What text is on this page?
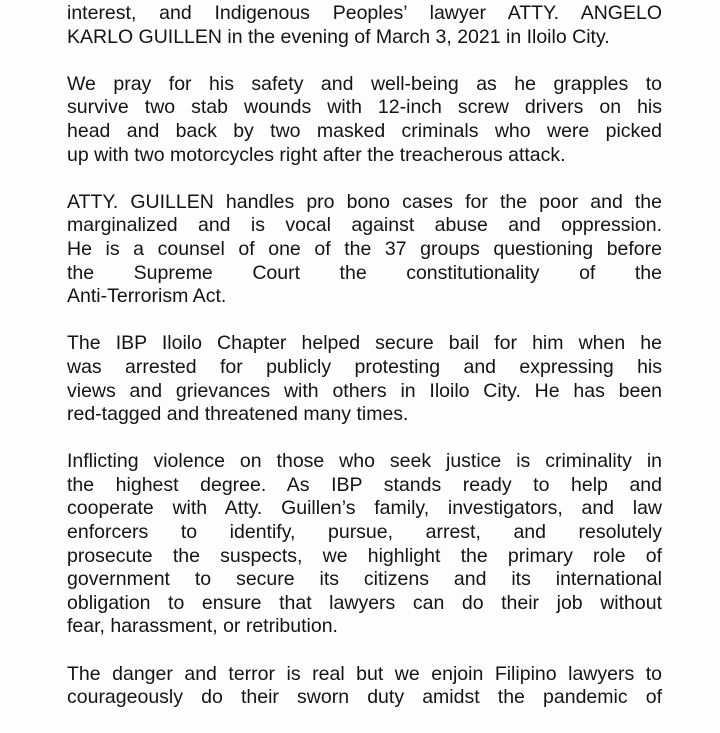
interest, and Indigenous Peoples’ lawyer ATTY. ANGELO
KARLO GUILLEN in the evening of March 3, 2021 in Iloilo City.
We pray for his safety and well-being as he grapples to
survive two stab wounds with 12-inch screw drivers on his
head and back by two masked criminals who were picked
up with two motorcycles right after the treacherous attack.
ATTY. GUILLEN handles pro bono cases for the poor and the
marginalized and is vocal against abuse and oppression.
He is a counsel of one of the 37 groups questioning before
the Supreme Court the constitutionality of the
Anti-Terrorism Act.
The IBP Iloilo Chapter helped secure bail for him when he
was arrested for publicly protesting and expressing his
views and grievances with others in Iloilo City. He has been
red-tagged and threatened many times.
Inflicting violence on those who seek justice is criminality in
the highest degree. As IBP stands ready to help and
cooperate with Atty. Guillen’s family, investigators, and law
enforcers to identify, pursue, arrest, and resolutely
prosecute the suspects, we highlight the primary role of
government to secure its citizens and its international
obligation to ensure that lawyers can do their job without
fear, harassment, or retribution.
The danger and terror is real but we enjoin Filipino lawyers to
courageously do their sworn duty amidst the pandemic of
